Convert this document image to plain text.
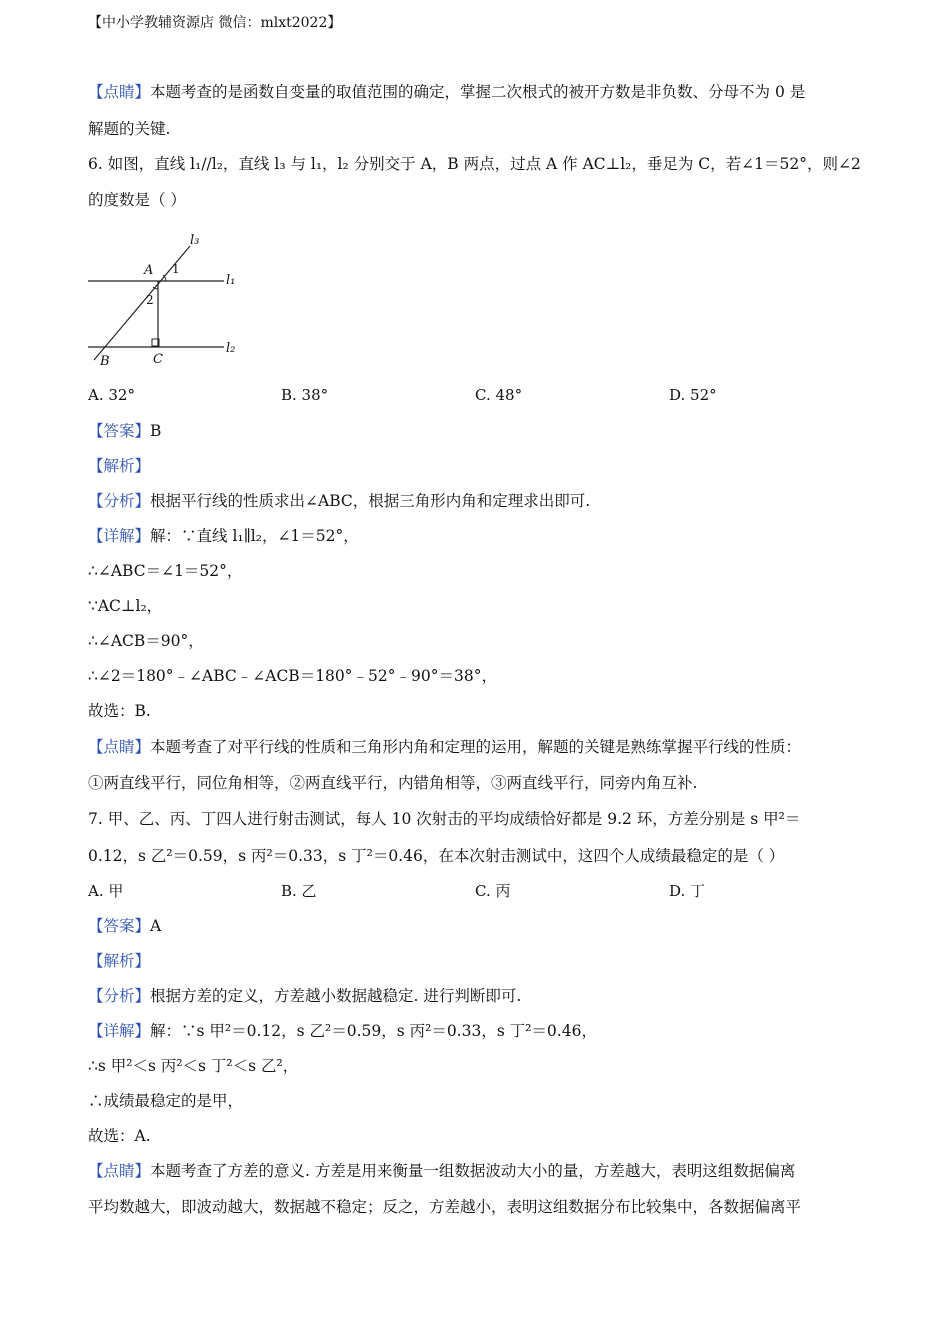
【中小学教辅资源店 微信：mlxt2022】
【点睛】本题考查的是函数自变量的取值范围的确定，掌握二次根式的被开方数是非负数、分母不为 0 是
解题的关键.
6. 如图，直线 l₁//l₂，直线 l₃ 与 l₁，l₂ 分别交于 A，B 两点，过点 A 作 AC⊥l₂，垂足为 C，若∠1＝52°，则∠2
的度数是（ ）
l₃
l₁
l₂
A
B	C
1
2
A. 32°	B. 38°	C. 48°	D. 52°
【答案】B
【解析】
【分析】根据平行线的性质求出∠ABC，根据三角形内角和定理求出即可.
【详解】解：∵直线 l₁∥l₂，∠1＝52°，
∴∠ABC＝∠1＝52°，
∵AC⊥l₂，
∴∠ACB＝90°，
∴∠2＝180°﹣∠ABC﹣∠ACB＝180°﹣52°﹣90°＝38°，
故选：B.
【点睛】本题考查了对平行线的性质和三角形内角和定理的运用，解题的关键是熟练掌握平行线的性质：
①两直线平行，同位角相等，②两直线平行，内错角相等，③两直线平行，同旁内角互补.
7. 甲、乙、丙、丁四人进行射击测试，每人 10 次射击的平均成绩恰好都是 9.2 环，方差分别是 s 甲²＝
0.12，s 乙²＝0.59，s 丙²＝0.33，s 丁²＝0.46，在本次射击测试中，这四个人成绩最稳定的是（ ）
A. 甲	B. 乙	C. 丙	D. 丁
【答案】A
【解析】
【分析】根据方差的定义，方差越小数据越稳定. 进行判断即可.
【详解】解：∵s 甲²＝0.12，s 乙²＝0.59，s 丙²＝0.33，s 丁²＝0.46，
∴s 甲²＜s 丙²＜s 丁²＜s 乙²，
∴成绩最稳定的是甲，
故选：A.
【点睛】本题考查了方差的意义. 方差是用来衡量一组数据波动大小的量，方差越大，表明这组数据偏离
平均数越大，即波动越大，数据越不稳定；反之，方差越小，表明这组数据分布比较集中，各数据偏离平
